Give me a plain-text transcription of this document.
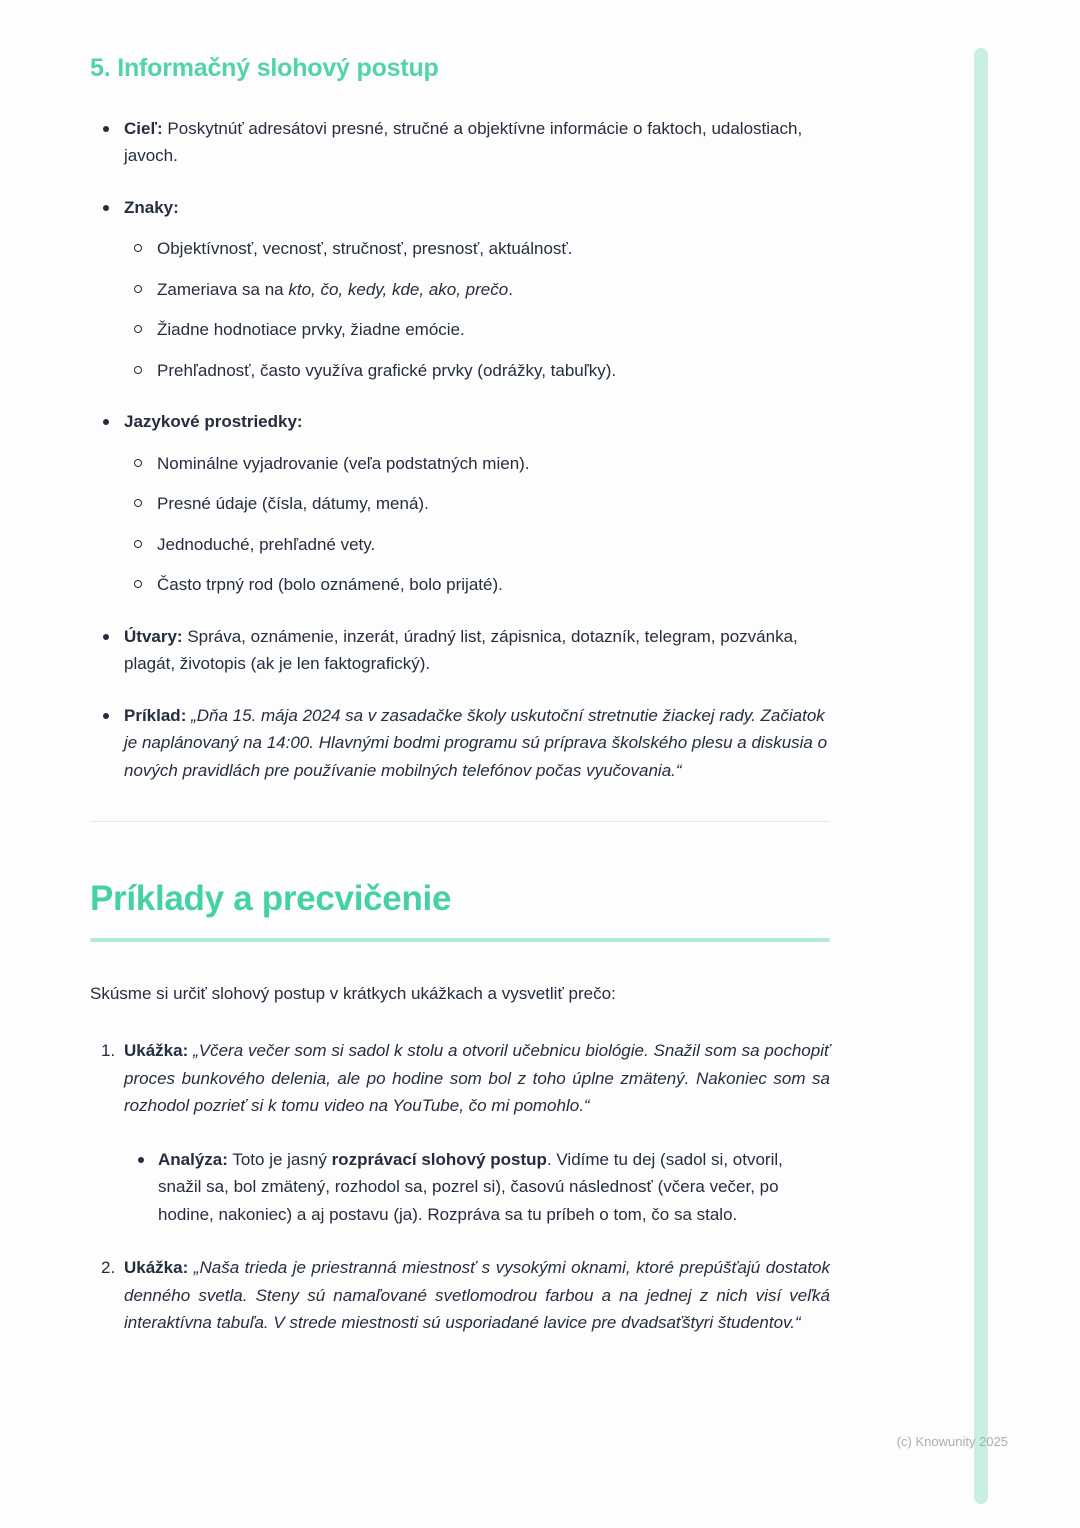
(c) Knowunity 2025
5. Informačný slohový postup
Cieľ: Poskytnúť adresátovi presné, stručné a objektívne informácie o faktoch, udalostiach, javoch.
Znaky:
Objektívnosť, vecnosť, stručnosť, presnosť, aktuálnosť.
Zameriava sa na kto, čo, kedy, kde, ako, prečo.
Žiadne hodnotiace prvky, žiadne emócie.
Prehľadnosť, často využíva grafické prvky (odrážky, tabuľky).
Jazykové prostriedky:
Nominálne vyjadrovanie (veľa podstatných mien).
Presné údaje (čísla, dátumy, mená).
Jednoduché, prehľadné vety.
Často trpný rod (bolo oznámené, bolo prijaté).
Útvary: Správa, oznámenie, inzerát, úradný list, zápisnica, dotazník, telegram, pozvánka, plagát, životopis (ak je len faktografický).
Príklad: „Dňa 15. mája 2024 sa v zasadačke školy uskutoční stretnutie žiackej rady. Začiatok je naplánovaný na 14:00. Hlavnými bodmi programu sú príprava školského plesu a diskusia o nových pravidlách pre používanie mobilných telefónov počas vyučovania.“
Príklady a precvičenie

Skúsme si určiť slohový postup v krátkych ukážkach a vysvetliť prečo:

1. Ukážka: „Včera večer som si sadol k stolu a otvoril učebnicu biológie. Snažil som sa pochopiť proces bunkového delenia, ale po hodine som bol z toho úplne zmätený. Nakoniec som sa rozhodol pozrieť si k tomu video na YouTube, čo mi pomohlo.“

Analýza: Toto je jasný rozprávací slohový postup. Vidíme tu dej (sadol si, otvoril, snažil sa, bol zmätený, rozhodol sa, pozrel si), časovú následnosť (včera večer, po hodine, nakoniec) a aj postavu (ja). Rozpráva sa tu príbeh o tom, čo sa stalo.
2. Ukážka: „Naša trieda je priestranná miestnosť s vysokými oknami, ktoré prepúšťajú dostatok denného svetla. Steny sú namaľované svetlomodrou farbou a na jednej z nich visí veľká interaktívna tabuľa. V strede miestnosti sú usporiadané lavice pre dvadsaťštyri študentov.“
